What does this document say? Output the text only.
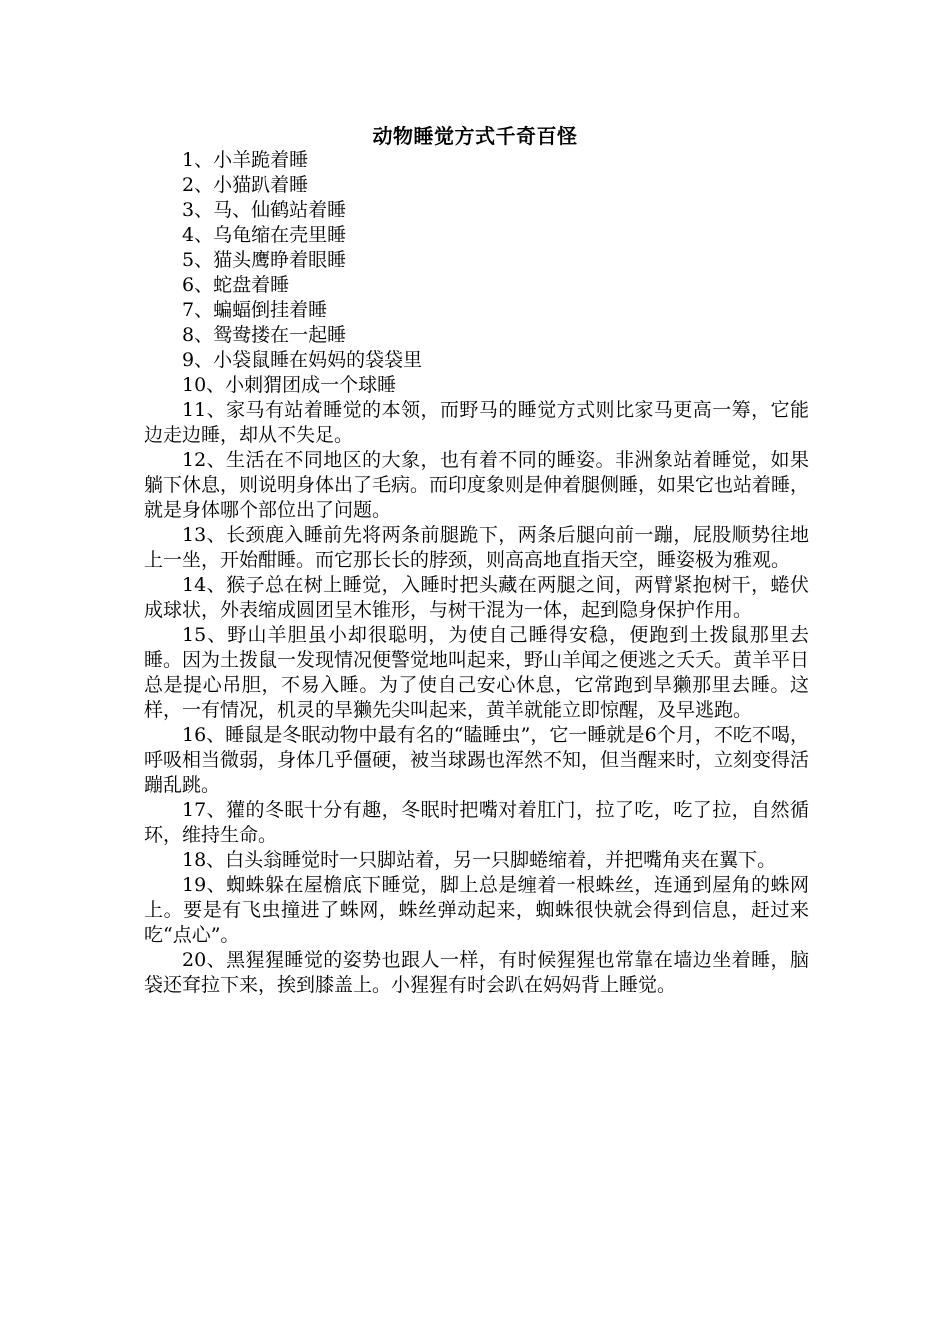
动物睡觉方式千奇百怪

1、小羊跪着睡

2、小猫趴着睡

3、马、仙鹤站着睡

4、乌龟缩在壳里睡

5、猫头鹰睁着眼睡

6、蛇盘着睡

7、蝙蝠倒挂着睡

8、鸳鸯搂在一起睡

9、小袋鼠睡在妈妈的袋袋里

10、小刺猬团成一个球睡

11、家马有站着睡觉的本领，而野马的睡觉方式则比家马更高一筹，它能边走边睡，却从不失足。

12、生活在不同地区的大象，也有着不同的睡姿。非洲象站着睡觉，如果躺下休息，则说明身体出了毛病。而印度象则是伸着腿侧睡，如果它也站着睡，就是身体哪个部位出了问题。

13、长颈鹿入睡前先将两条前腿跪下，两条后腿向前一蹦，屁股顺势往地上一坐，开始酣睡。而它那长长的脖颈，则高高地直指天空，睡姿极为雅观。

14、猴子总在树上睡觉，入睡时把头藏在两腿之间，两臂紧抱树干，蜷伏成球状，外表缩成圆团呈木锥形，与树干混为一体，起到隐身保护作用。

15、野山羊胆虽小却很聪明，为使自己睡得安稳，便跑到土拨鼠那里去睡。因为土拨鼠一发现情况便警觉地叫起来，野山羊闻之便逃之夭夭。黄羊平日总是提心吊胆，不易入睡。为了使自己安心休息，它常跑到旱獭那里去睡。这样，一有情况，机灵的旱獭先尖叫起来，黄羊就能立即惊醒，及早逃跑。

16、睡鼠是冬眠动物中最有名的“瞌睡虫”，它一睡就是6个月，不吃不喝，呼吸相当微弱，身体几乎僵硬，被当球踢也浑然不知，但当醒来时，立刻变得活蹦乱跳。

17、獾的冬眠十分有趣，冬眠时把嘴对着肛门，拉了吃，吃了拉，自然循环，维持生命。

18、白头翁睡觉时一只脚站着，另一只脚蜷缩着，并把嘴角夹在翼下。

19、蜘蛛躲在屋檐底下睡觉，脚上总是缠着一根蛛丝，连通到屋角的蛛网上。要是有飞虫撞进了蛛网，蛛丝弹动起来，蜘蛛很快就会得到信息，赶过来吃“点心”。

20、黑猩猩睡觉的姿势也跟人一样，有时候猩猩也常靠在墙边坐着睡，脑袋还耷拉下来，挨到膝盖上。小猩猩有时会趴在妈妈背上睡觉。
